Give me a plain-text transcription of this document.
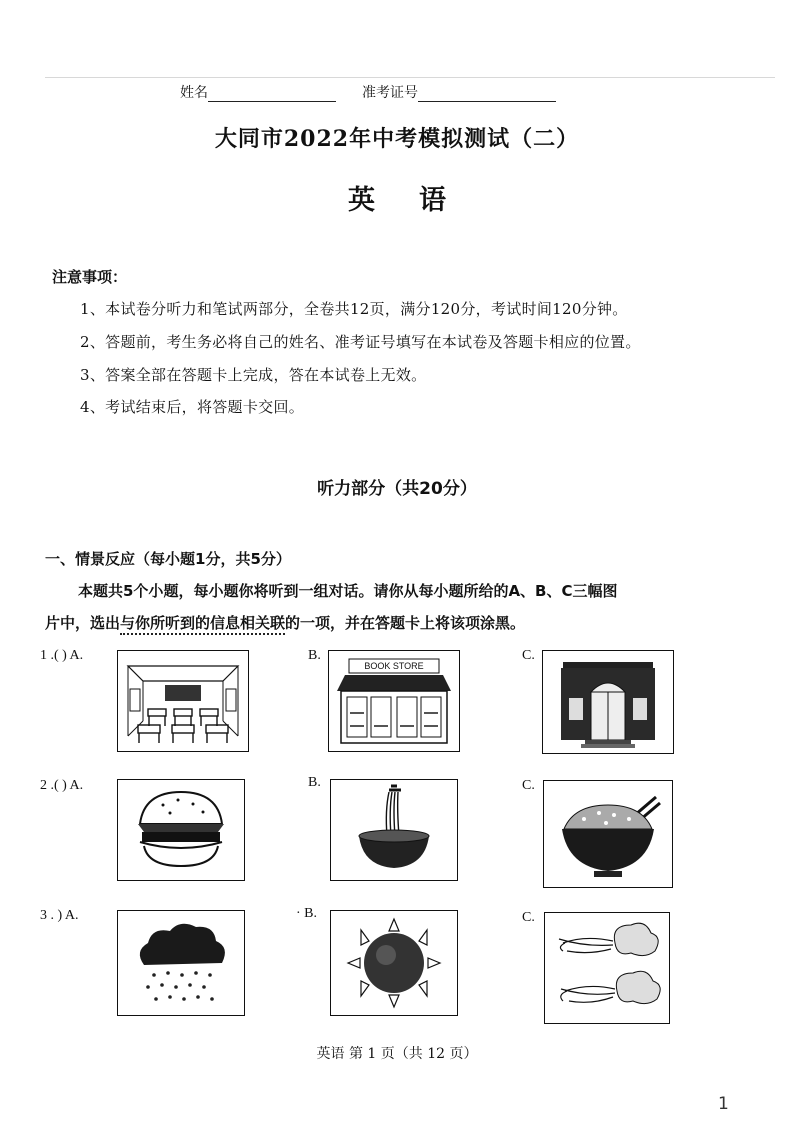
姓名	准考证号
大同市2022年中考模拟测试（二）
英 语
注意事项：
1、本试卷分听力和笔试两部分，全卷共12页，满分120分，考试时间120分钟。
2、答题前，考生务必将自己的姓名、准考证号填写在本试卷及答题卡相应的位置。
3、答案全部在答题卡上完成，答在本试卷上无效。
4、考试结束后，将答题卡交回。
听力部分（共20分）
一、情景反应（每小题1分，共5分）
本题共5个小题，每小题你将听到一组对话。请你从每小题所给的A、B、C三幅图
片中，选出与你所听到的信息相关联的一项，并在答题卡上将该项涂黑。
1 .( ) A.	B.
BOOK STORE
C.
2 .( ) A.	B.	C.
3 . ) A.	· B.	C.
英语 第 1 页（共 12 页）
1
